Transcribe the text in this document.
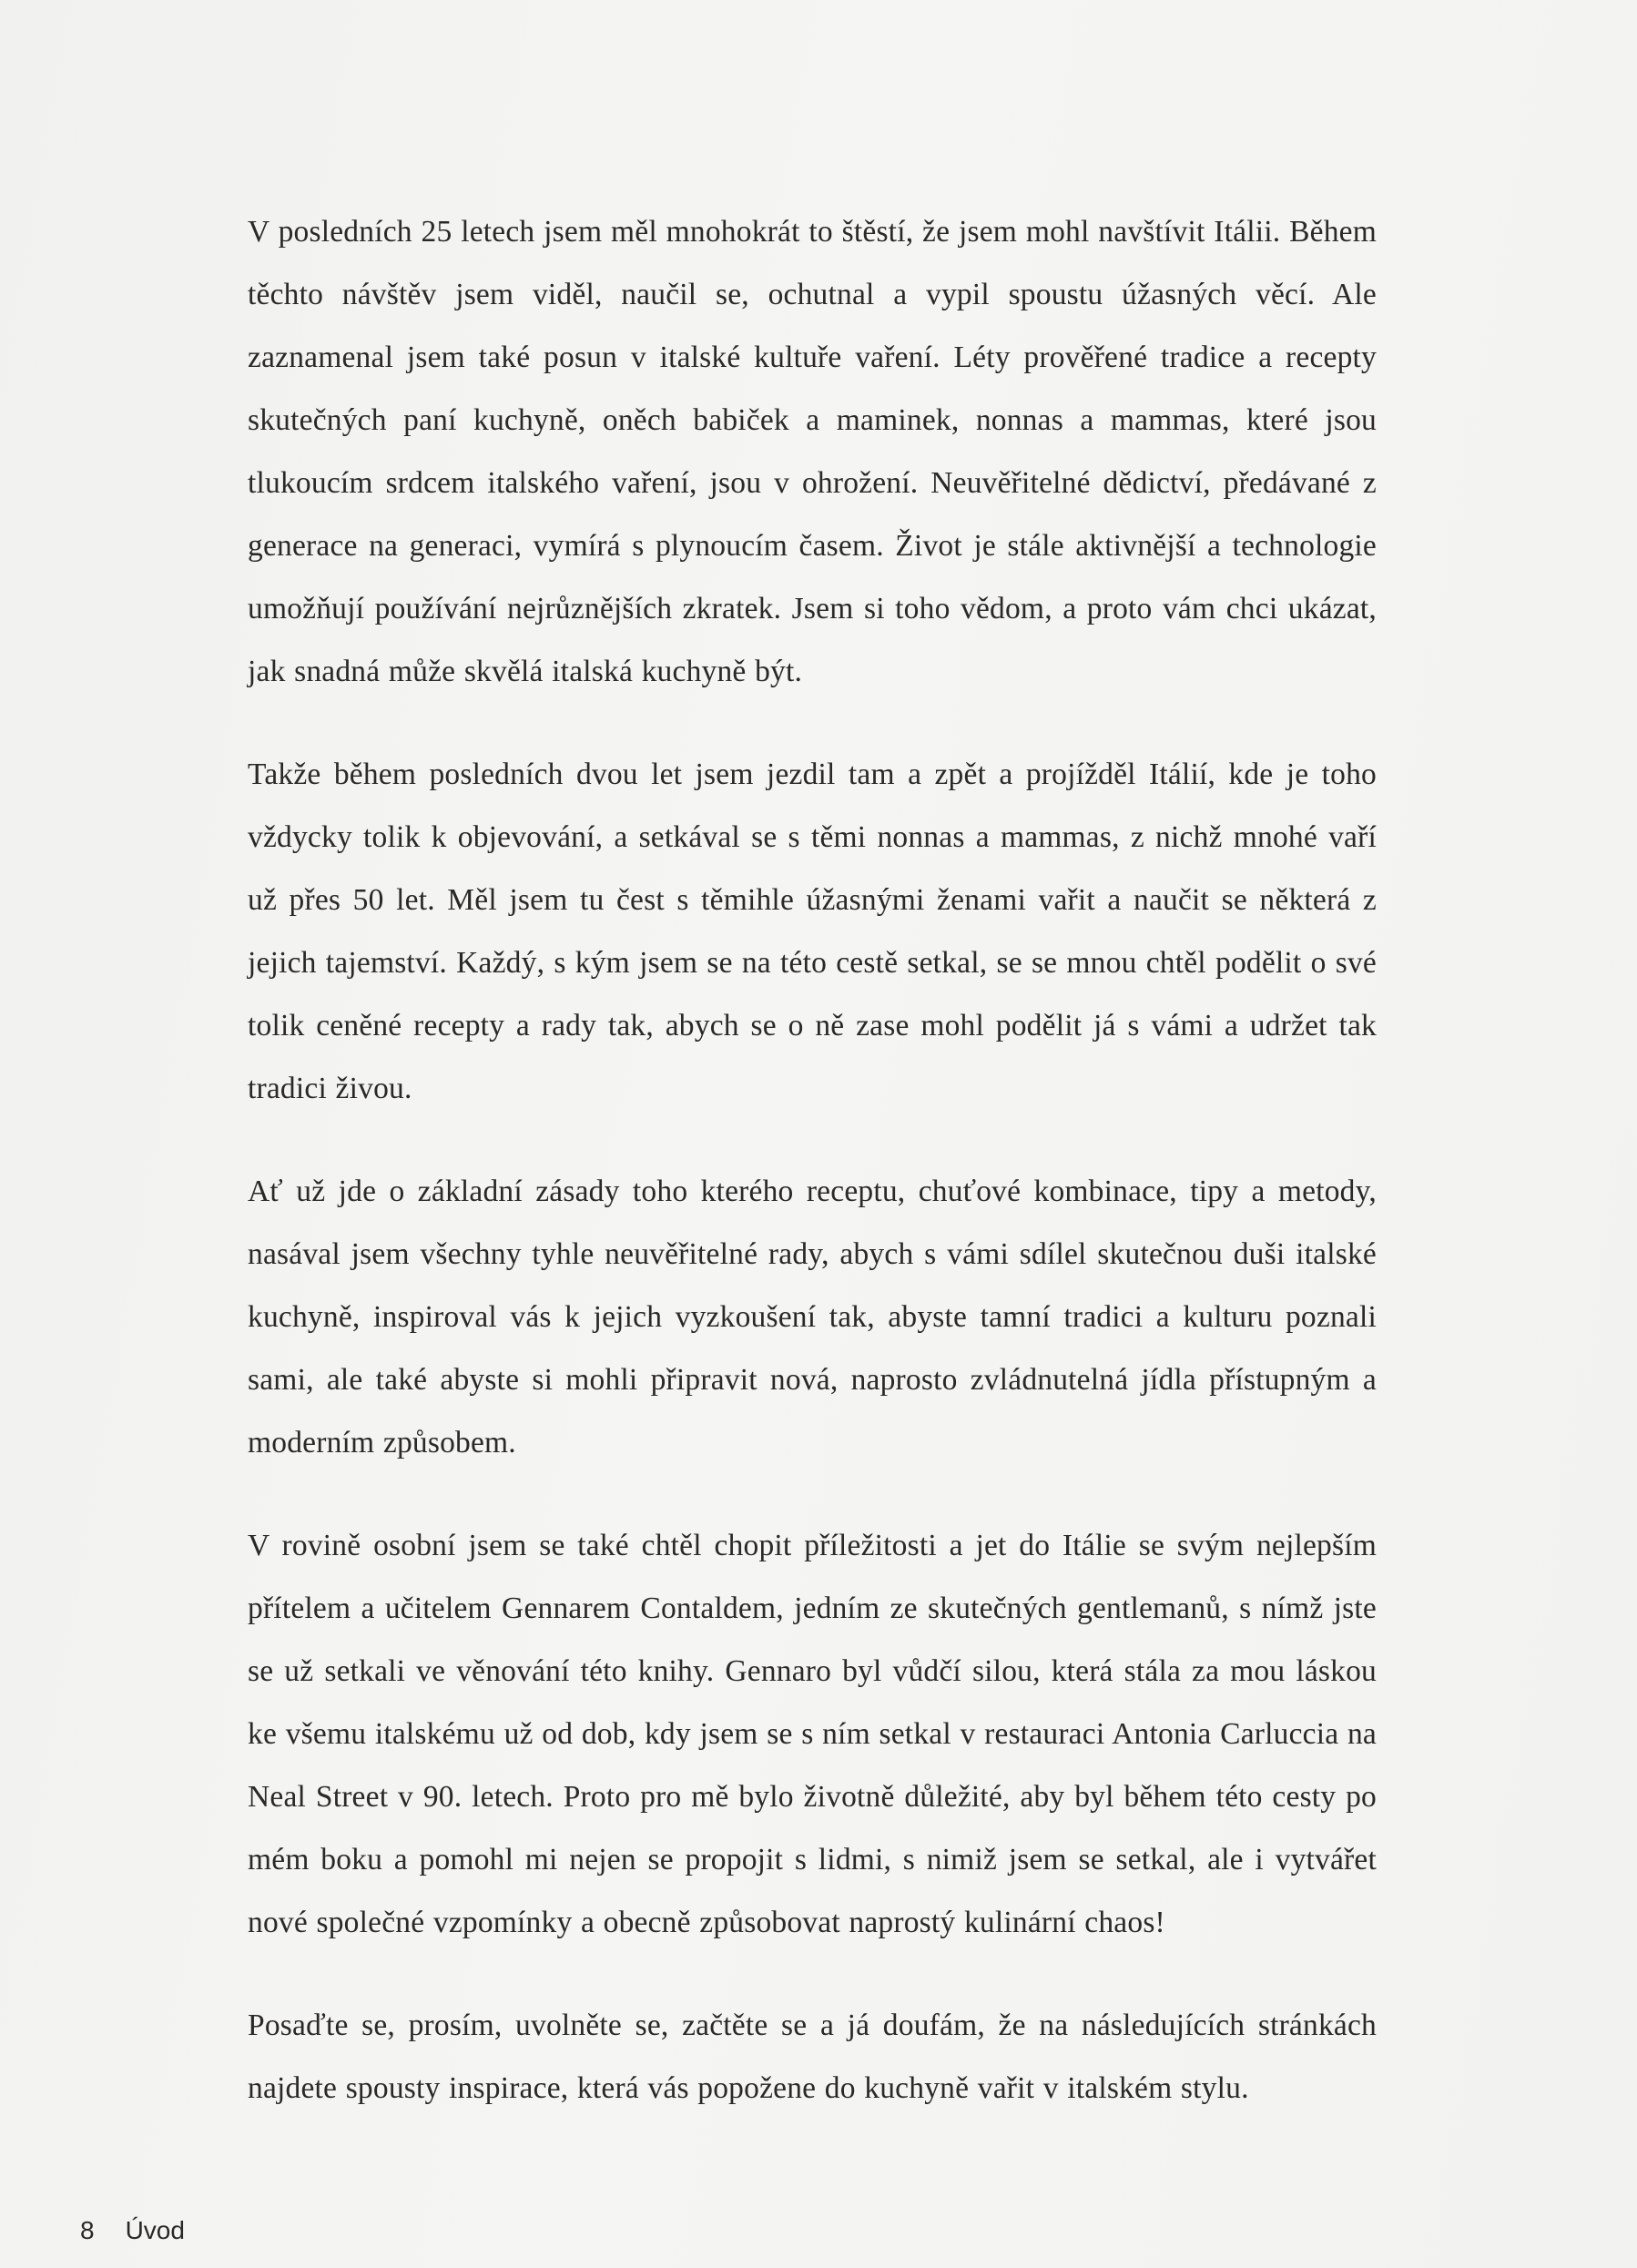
V posledních 25 letech jsem měl mnohokrát to štěstí, že jsem mohl navštívit Itálii. Během těchto návštěv jsem viděl, naučil se, ochutnal a vypil spoustu úžasných věcí. Ale zaznamenal jsem také posun v italské kultuře vaření. Léty prověřené tradice a recepty skutečných paní kuchyně, oněch babiček a maminek, nonnas a mammas, které jsou tlukoucím srdcem italského vaření, jsou v ohrožení. Neuvěřitelné dědictví, předávané z generace na generaci, vymírá s plynoucím časem. Život je stále aktivnější a technologie umožňují používání nejrůznějších zkratek. Jsem si toho vědom, a proto vám chci ukázat, jak snadná může skvělá italská kuchyně být.

Takže během posledních dvou let jsem jezdil tam a zpět a projížděl Itálií, kde je toho vždycky tolik k objevování, a setkával se s těmi nonnas a mammas, z nichž mnohé vaří už přes 50 let. Měl jsem tu čest s těmihle úžasnými ženami vařit a naučit se některá z jejich tajemství. Každý, s kým jsem se na této cestě setkal, se se mnou chtěl podělit o své tolik ceněné recepty a rady tak, abych se o ně zase mohl podělit já s vámi a udržet tak tradici živou.

Ať už jde o základní zásady toho kterého receptu, chuťové kombinace, tipy a metody, nasával jsem všechny tyhle neuvěřitelné rady, abych s vámi sdílel skutečnou duši italské kuchyně, inspiroval vás k jejich vyzkoušení tak, abyste tamní tradici a kulturu poznali sami, ale také abyste si mohli připravit nová, naprosto zvládnutelná jídla přístupným a moderním způsobem.

V rovině osobní jsem se také chtěl chopit příležitosti a jet do Itálie se svým nejlepším přítelem a učitelem Gennarem Contaldem, jedním ze skutečných gentlemanů, s nímž jste se už setkali ve věnování této knihy. Gennaro byl vůdčí silou, která stála za mou láskou ke všemu italskému už od dob, kdy jsem se s ním setkal v restauraci Antonia Carluccia na Neal Street v 90. letech. Proto pro mě bylo životně důležité, aby byl během této cesty po mém boku a pomohl mi nejen se propojit s lidmi, s nimiž jsem se setkal, ale i vytvářet nové společné vzpomínky a obecně způsobovat naprostý kulinární chaos!

Posaďte se, prosím, uvolněte se, začtěte se a já doufám, že na následujících stránkách najdete spousty inspirace, která vás popožene do kuchyně vařit v italském stylu.

8 Úvod
